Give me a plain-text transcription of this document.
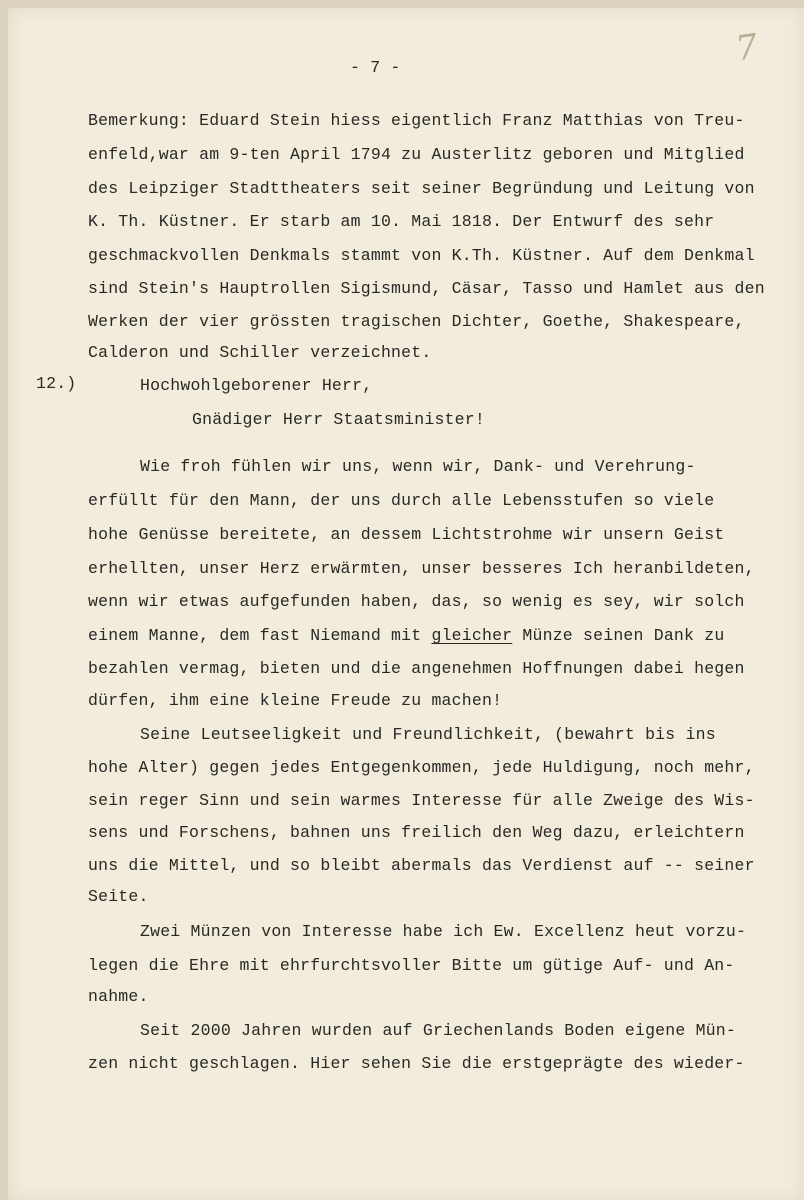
- 7 -	7
Bemerkung: Eduard Stein hiess eigentlich Franz Matthias von Treu-
enfeld,war am 9-ten April 1794 zu Austerlitz geboren und Mitglied
des Leipziger Stadttheaters seit seiner Begründung und Leitung von
K. Th. Küstner. Er starb am 10. Mai 1818. Der Entwurf des sehr
geschmackvollen Denkmals stammt von K.Th. Küstner. Auf dem Denkmal
sind Stein's Hauptrollen Sigismund, Cäsar, Tasso und Hamlet aus den
Werken der vier grössten tragischen Dichter, Goethe, Shakespeare,
Calderon und Schiller verzeichnet.
12.)	Hochwohlgeborener Herr,
Gnädiger Herr Staatsminister!
Wie froh fühlen wir uns, wenn wir, Dank- und Verehrung-
erfüllt für den Mann, der uns durch alle Lebensstufen so viele
hohe Genüsse bereitete, an dessem Lichtstrohme wir unsern Geist
erhellten, unser Herz erwärmten, unser besseres Ich heranbildeten,
wenn wir etwas aufgefunden haben, das, so wenig es sey, wir solch
einem Manne, dem fast Niemand mit gleicher Münze seinen Dank zu
bezahlen vermag, bieten und die angenehmen Hoffnungen dabei hegen
dürfen, ihm eine kleine Freude zu machen!
Seine Leutseeligkeit und Freundlichkeit, (bewahrt bis ins
hohe Alter) gegen jedes Entgegenkommen, jede Huldigung, noch mehr,
sein reger Sinn und sein warmes Interesse für alle Zweige des Wis-
sens und Forschens, bahnen uns freilich den Weg dazu, erleichtern
uns die Mittel, und so bleibt abermals das Verdienst auf -- seiner
Seite.
Zwei Münzen von Interesse habe ich Ew. Excellenz heut vorzu-
legen die Ehre mit ehrfurchtsvoller Bitte um gütige Auf- und An-
nahme.
Seit 2000 Jahren wurden auf Griechenlands Boden eigene Mün-
zen nicht geschlagen. Hier sehen Sie die erstgeprägte des wieder-
